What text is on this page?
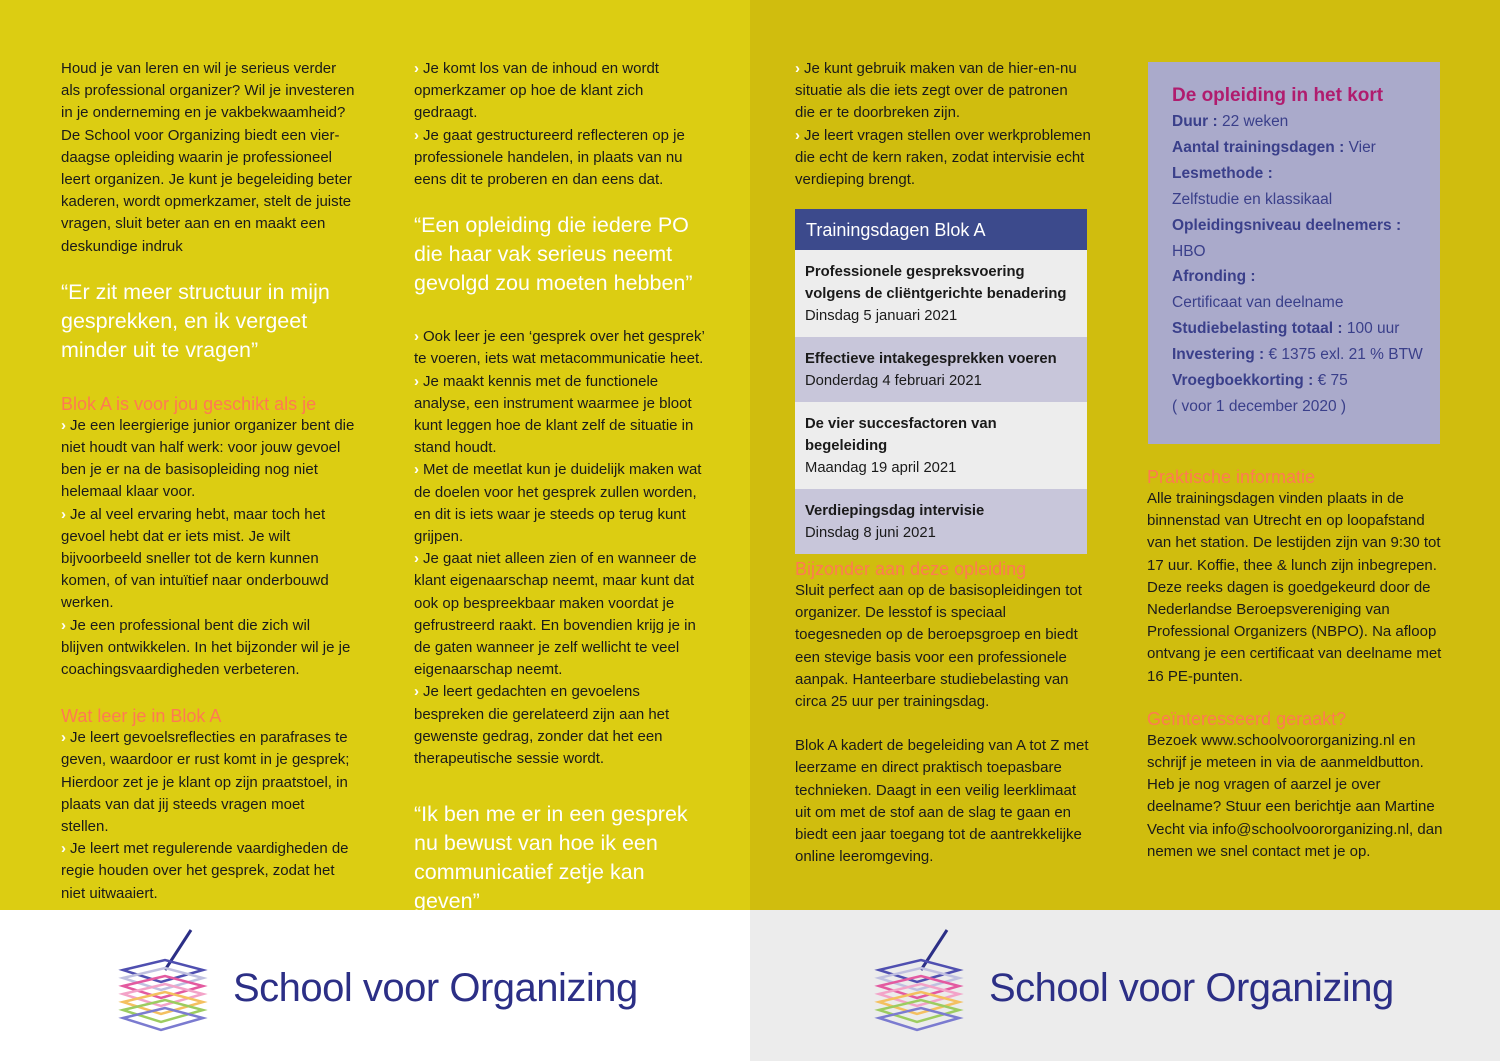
Houd je van leren en wil je serieus verder als professional organizer? Wil je investeren in je onderneming en je vakbekwaamheid? De School voor Organizing biedt een vier-daagse opleiding waarin je professioneel leert organizen. Je kunt je begeleiding beter kaderen, wordt opmerkzamer, stelt de juiste vragen, sluit beter aan en en maakt een deskundige indruk

“Er zit meer structuur in mijn gesprekken, en ik vergeet minder uit te vragen”

Blok A is voor jou geschikt als je

› Je een leergierige junior organizer bent die niet houdt van half werk: voor jouw gevoel ben je er na de basisopleiding nog niet helemaal klaar voor.

› Je al veel ervaring hebt, maar toch het gevoel hebt dat er iets mist. Je wilt bijvoorbeeld sneller tot de kern kunnen komen, of van intuïtief naar onderbouwd werken.

› Je een professional bent die zich wil blijven ontwikkelen. In het bijzonder wil je je coachingsvaardigheden verbeteren.

Wat leer je in Blok A

› Je leert gevoelsreflecties en parafrases te geven, waardoor er rust komt in je gesprek; Hierdoor zet je je klant op zijn praatstoel, in plaats van dat jij steeds vragen moet stellen.

› Je leert met regulerende vaardigheden de regie houden over het gesprek, zodat het niet uitwaaiert.

› Je komt los van de inhoud en wordt opmerkzamer op hoe de klant zich gedraagt.

› Je gaat gestructureerd reflecteren op je professionele handelen, in plaats van nu eens dit te proberen en dan eens dat.

“Een opleiding die iedere PO die haar vak serieus neemt gevolgd zou moeten hebben”

› Ook leer je een ‘gesprek over het gesprek’ te voeren, iets wat metacommunicatie heet.

› Je maakt kennis met de functionele analyse, een instrument waarmee je bloot kunt leggen hoe de klant zelf de situatie in stand houdt.

› Met de meetlat kun je duidelijk maken wat de doelen voor het gesprek zullen worden, en dit is iets waar je steeds op terug kunt grijpen.

› Je gaat niet alleen zien of en wanneer de klant eigenaarschap neemt, maar kunt dat ook op bespreekbaar maken voordat je gefrustreerd raakt. En bovendien krijg je in de gaten wanneer je zelf wellicht te veel eigenaarschap neemt.

› Je leert gedachten en gevoelens bespreken die gerelateerd zijn aan het gewenste gedrag, zonder dat het een therapeutische sessie wordt.

“Ik ben me er in een gesprek nu bewust van hoe ik een communicatief zetje kan geven”

› Je kunt gebruik maken van de hier-en-nu situatie als die iets zegt over de patronen die er te doorbreken zijn.

› Je leert vragen stellen over werkproblemen die echt de kern raken, zodat intervisie echt verdieping brengt.

Trainingsdagen Blok A
Professionele gespreksvoering volgens de cliëntgerichte benadering
Dinsdag 5 januari 2021
Effectieve intakegesprekken voeren
Donderdag 4 februari 2021
De vier succesfactoren van begeleiding
Maandag 19 april 2021
Verdiepingsdag intervisie
Dinsdag 8 juni 2021

Bijzonder aan deze opleiding

Sluit perfect aan op de basisopleidingen tot organizer. De lesstof is speciaal toegesneden op de beroepsgroep en biedt een stevige basis voor een professionele aanpak. Hanteerbare studiebelasting van circa 25 uur per trainingsdag.

Blok A kadert de begeleiding van A tot Z met leerzame en direct praktisch toepasbare technieken. Daagt in een veilig leerklimaat uit om met de stof aan de slag te gaan en biedt een jaar toegang tot de aantrekkelijke online leeromgeving.

De opleiding in het kort
Duur : 22 weken
Aantal trainingsdagen : Vier
Lesmethode :
Zelfstudie en klassikaal
Opleidingsniveau deelnemers :
HBO
Afronding :
Certificaat van deelname
Studiebelasting totaal : 100 uur
Investering : € 1375 exl. 21 % BTW
Vroegboekkorting : € 75
( voor 1 december 2020 )

Praktische informatie

Alle trainingsdagen vinden plaats in de binnenstad van Utrecht en op loopafstand van het station. De lestijden zijn van 9:30 tot 17 uur. Koffie, thee & lunch zijn inbegrepen. Deze reeks dagen is goedgekeurd door de Nederlandse Beroepsvereniging van Professional Organizers (NBPO). Na afloop ontvang je een certificaat van deelname met 16 PE-punten.

Geïnteresseerd geraakt?

Bezoek www.schoolvoororganizing.nl en schrijf je meteen in via de aanmeldbutton. Heb je nog vragen of aarzel je over deelname? Stuur een berichtje aan Martine Vecht via info@schoolvoororganizing.nl, dan nemen we snel contact met je op.

School voor Organizing	School voor Organizing
